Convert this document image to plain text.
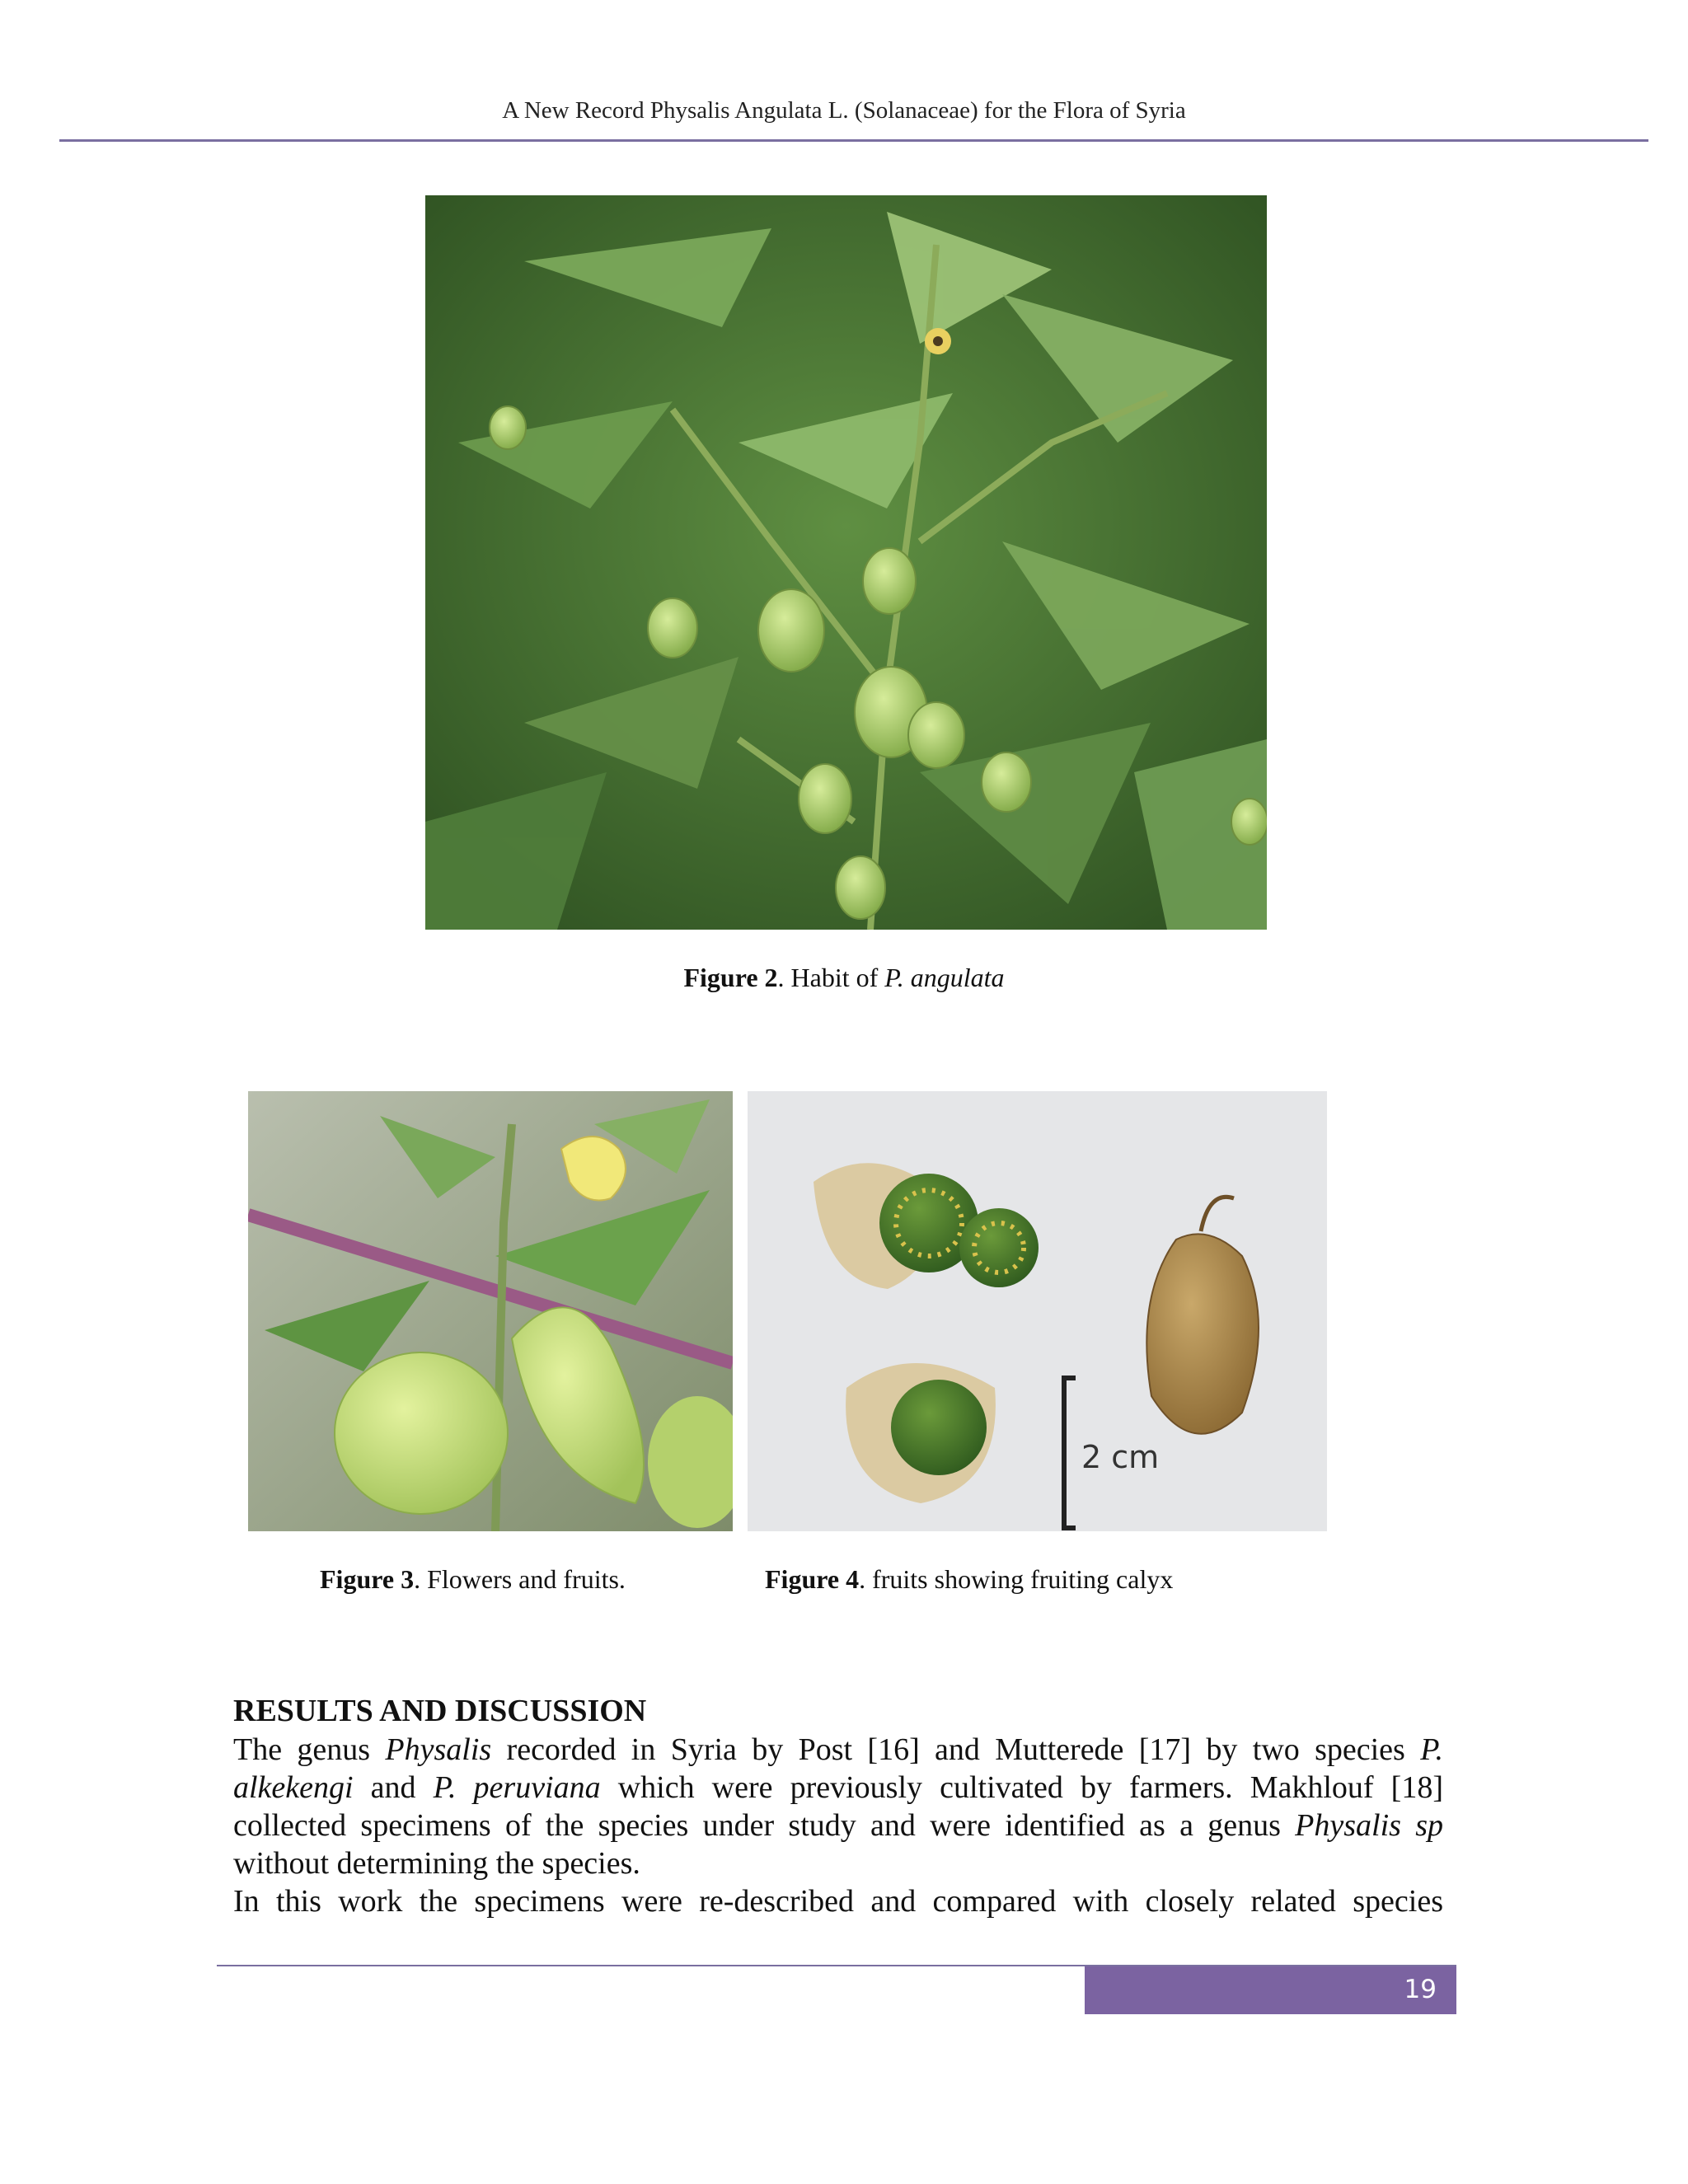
A New Record Physalis Angulata L. (Solanaceae) for the Flora of Syria
Figure 2. Habit of P. angulata
Figure 3. Flowers and fruits.
2 cm
Figure 4. fruits showing fruiting calyx
RESULTS AND DISCUSSION

The genus Physalis recorded in Syria by Post [16] and Mutterede [17] by two species P. alkekengi and P. peruviana which were previously cultivated by farmers. Makhlouf [18] collected specimens of the species under study and were identified as a genus Physalis sp without determining the species.

In this work the specimens were re-described and compared with closely related species

19
